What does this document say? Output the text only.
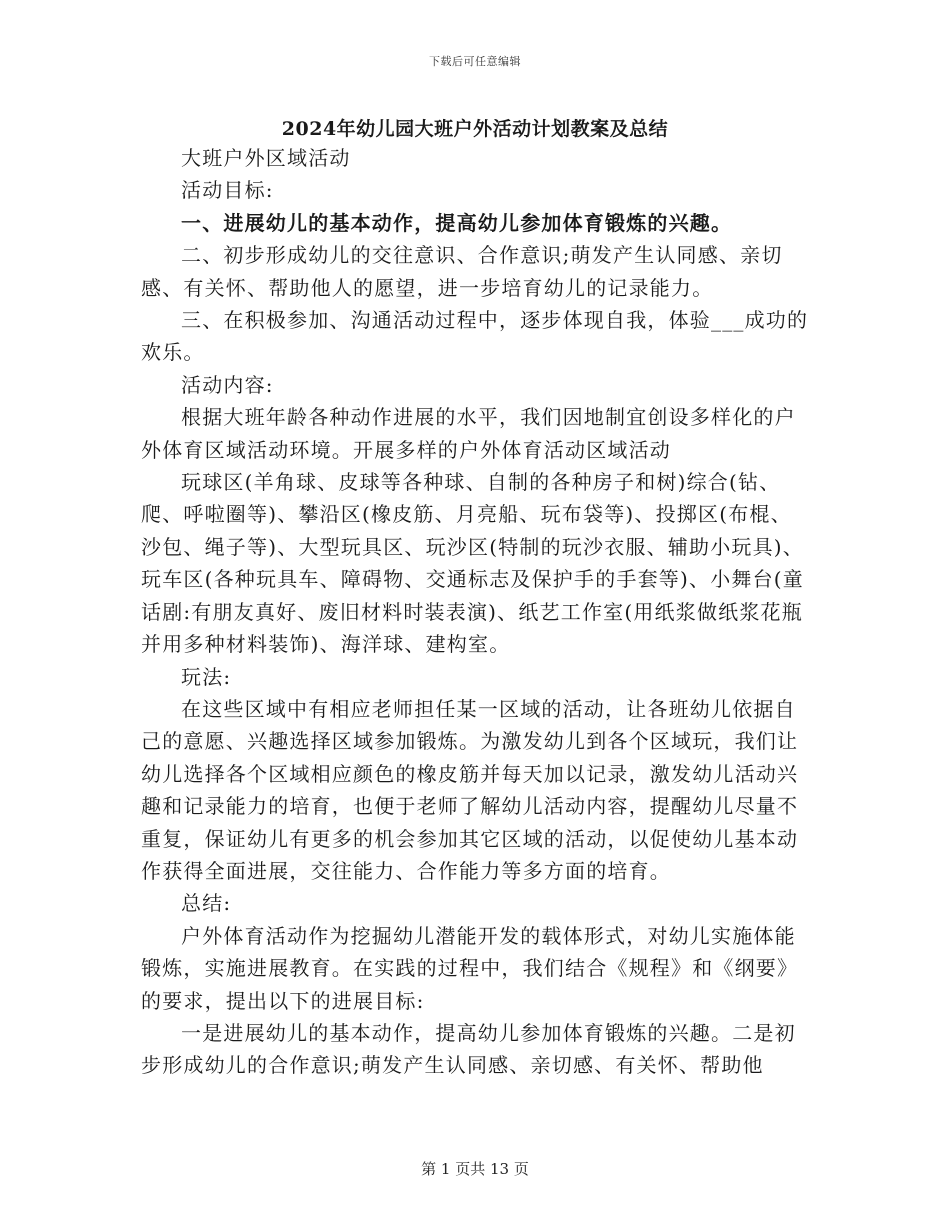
下载后可任意编辑
2024年幼儿园大班户外活动计划教案及总结

大班户外区域活动

活动目标:

一、进展幼儿的基本动作，提高幼儿参加体育锻炼的兴趣。

二、初步形成幼儿的交往意识、合作意识;萌发产生认同感、亲切感、有关怀、帮助他人的愿望，进一步培育幼儿的记录能力。

三、在积极参加、沟通活动过程中，逐步体现自我，体验___成功的欢乐。

活动内容:

根据大班年龄各种动作进展的水平，我们因地制宜创设多样化的户外体育区域活动环境。开展多样的户外体育活动区域活动

玩球区(羊角球、皮球等各种球、自制的各种房子和树)综合(钻、爬、呼啦圈等)、攀沿区(橡皮筋、月亮船、玩布袋等)、投掷区(布棍、沙包、绳子等)、大型玩具区、玩沙区(特制的玩沙衣服、辅助小玩具)、玩车区(各种玩具车、障碍物、交通标志及保护手的手套等)、小舞台(童话剧:有朋友真好、废旧材料时装表演)、纸艺工作室(用纸浆做纸浆花瓶并用多种材料装饰)、海洋球、建构室。

玩法:

在这些区域中有相应老师担任某一区域的活动，让各班幼儿依据自己的意愿、兴趣选择区域参加锻炼。为激发幼儿到各个区域玩，我们让幼儿选择各个区域相应颜色的橡皮筋并每天加以记录，激发幼儿活动兴趣和记录能力的培育，也便于老师了解幼儿活动内容，提醒幼儿尽量不重复，保证幼儿有更多的机会参加其它区域的活动，以促使幼儿基本动作获得全面进展，交往能力、合作能力等多方面的培育。

总结:

户外体育活动作为挖掘幼儿潜能开发的载体形式，对幼儿实施体能锻炼，实施进展教育。在实践的过程中，我们结合《规程》和《纲要》的要求，提出以下的进展目标:

一是进展幼儿的基本动作，提高幼儿参加体育锻炼的兴趣。二是初步形成幼儿的合作意识;萌发产生认同感、亲切感、有关怀、帮助他

第 1 页共 13 页
